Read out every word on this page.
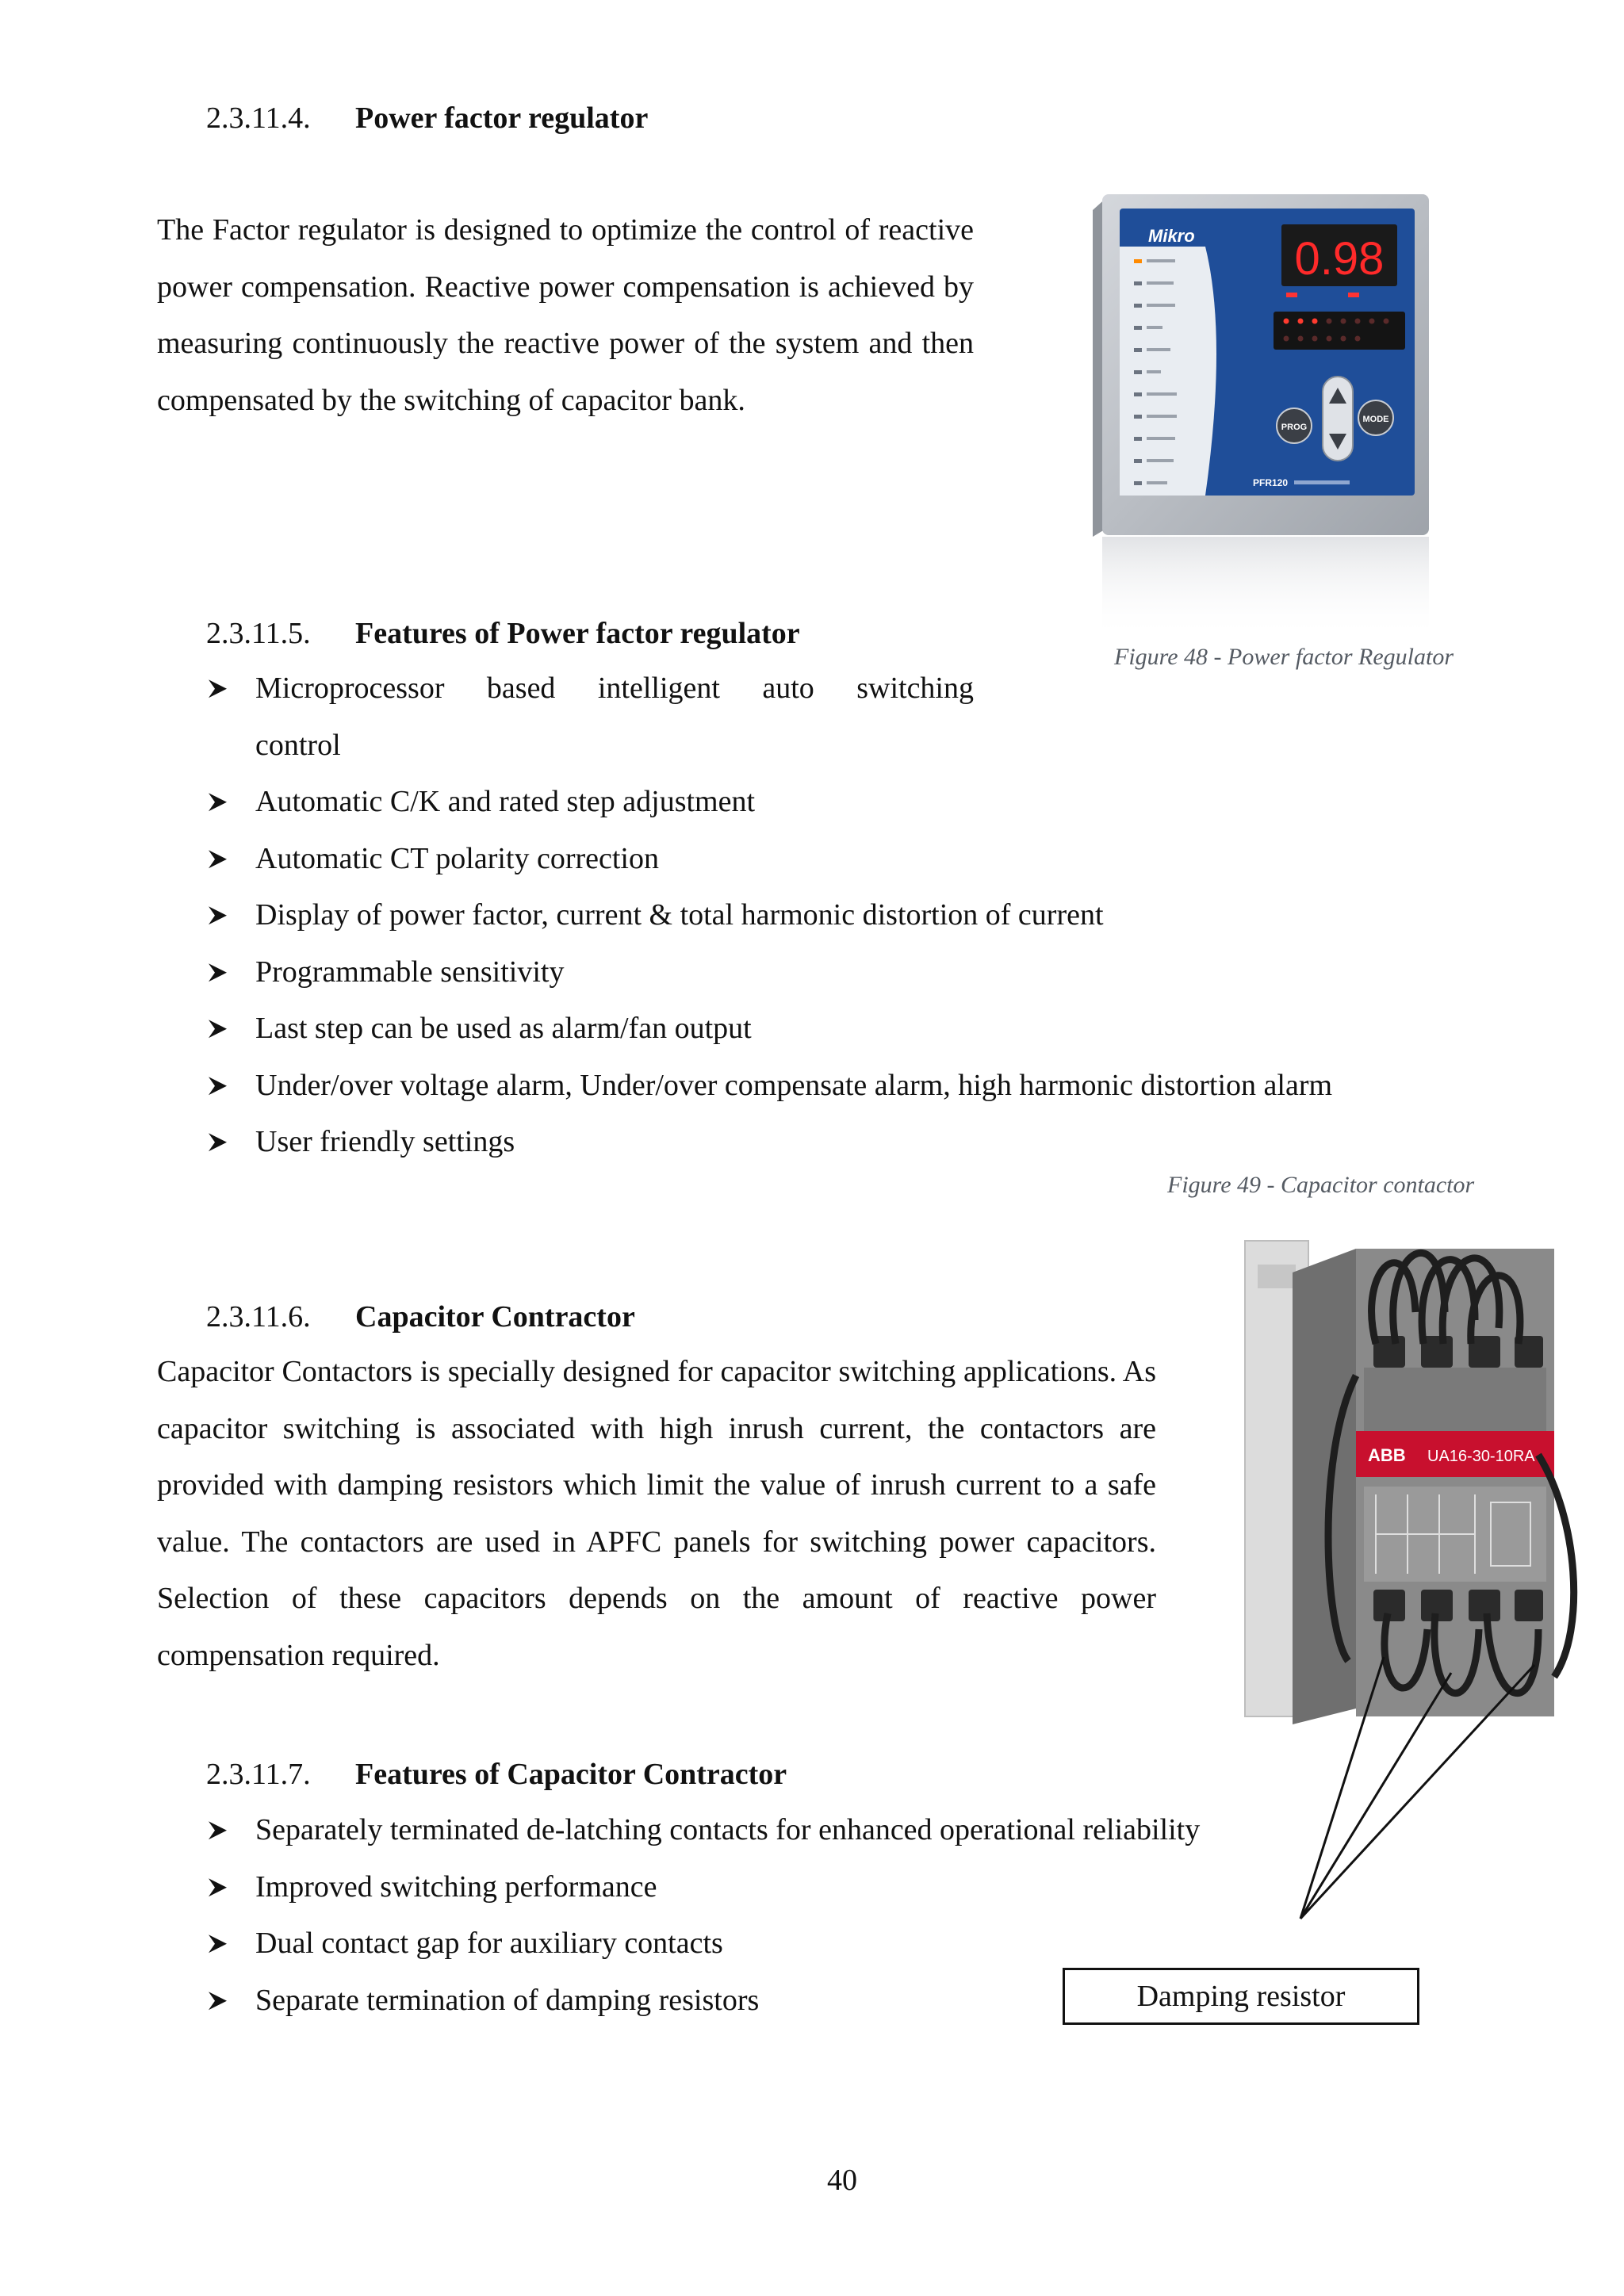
2.3.11.4. Power factor regulator

The Factor regulator is designed to optimize the control of reactive power compensation. Reactive power compensation is achieved by measuring continuously the reactive power of the system and then compensated by the switching of capacitor bank.

Mikro 0.98
PROG
MODE
PFR120
2.3.11.5. Features of Power factor regulator
Figure 48 - Power factor Regulator
Microprocessor based intelligent auto switching
control
Automatic C/K and rated step adjustment
Automatic CT polarity correction
Display of power factor, current & total harmonic distortion of current
Programmable sensitivity
Last step can be used as alarm/fan output
Under/over voltage alarm, Under/over compensate alarm, high harmonic distortion alarm
User friendly settings
Figure 49 - Capacitor contactor
ABB UA16-30-10RA
Damping resistor
2.3.11.6. Capacitor Contractor

Capacitor Contactors is specially designed for capacitor switching applications. As capacitor switching is associated with high inrush current, the contactors are provided with damping resistors which limit the value of inrush current to a safe value. The contactors are used in APFC panels for switching power capacitors. Selection of these capacitors depends on the amount of reactive power compensation required.

2.3.11.7. Features of Capacitor Contractor
Separately terminated de-latching contacts for enhanced operational reliability
Improved switching performance
Dual contact gap for auxiliary contacts
Separate termination of damping resistors
40
